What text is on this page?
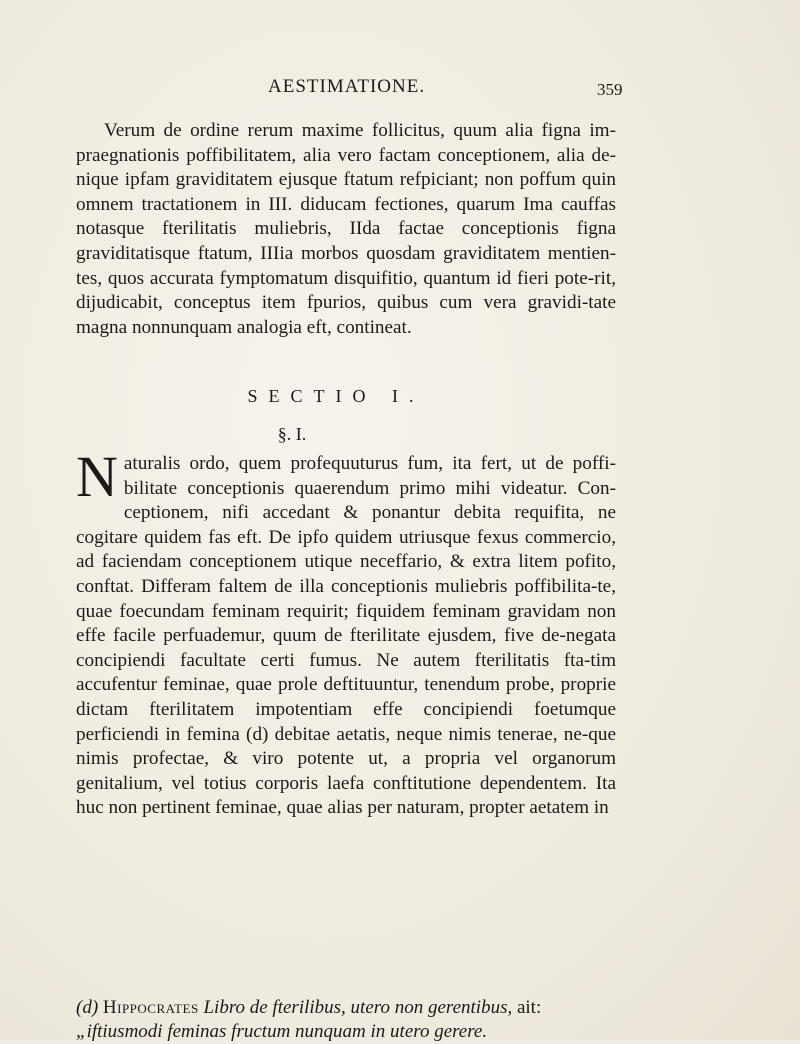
AESTIMATIONE.	359

Verum de ordine rerum maxime follicitus, quum alia figna im-praegnationis poffibilitatem, alia vero factam conceptionem, alia de-nique ipfam graviditatem ejusque ftatum refpiciant; non poffum quin omnem tractationem in III. diducam fectiones, quarum Ima cauffas notasque fterilitatis muliebris, IIda factae conceptionis figna graviditatisque ftatum, IIIia morbos quosdam graviditatem mentien-tes, quos accurata fymptomatum disquifitio, quantum id fieri pote-rit, dijudicabit, conceptus item fpurios, quibus cum vera gravidi-tate magna nonnunquam analogia eft, contineat.

SECTIO I.
§. I.

Naturalis ordo, quem profequuturus fum, ita fert, ut de poffi-bilitate conceptionis quaerendum primo mihi videatur. Con-ceptionem, nifi accedant & ponantur debita requifita, ne cogitare quidem fas eft. De ipfo quidem utriusque fexus commercio, ad faciendam conceptionem utique neceffario, & extra litem pofito, conftat. Differam faltem de illa conceptionis muliebris poffibilita-te, quae foecundam feminam requirit; fiquidem feminam gravidam non effe facile perfuademur, quum de fterilitate ejusdem, five de-negata concipiendi facultate certi fumus. Ne autem fterilitatis fta-tim accufentur feminae, quae prole deftituuntur, tenendum probe, proprie dictam fterilitatem impotentiam effe concipiendi foetumque perficiendi in femina (d) debitae aetatis, neque nimis tenerae, ne-que nimis profectae, & viro potente ut, a propria vel organorum genitalium, vel totius corporis laefa conftitutione dependentem. Ita huc non pertinent feminae, quae alias per naturam, propter aetatem in

(d) Hippocrates Libro de fterilibus, utero non gerentibus, ait:
„iftiusmodi feminas fructum nunquam in utero gerere.
